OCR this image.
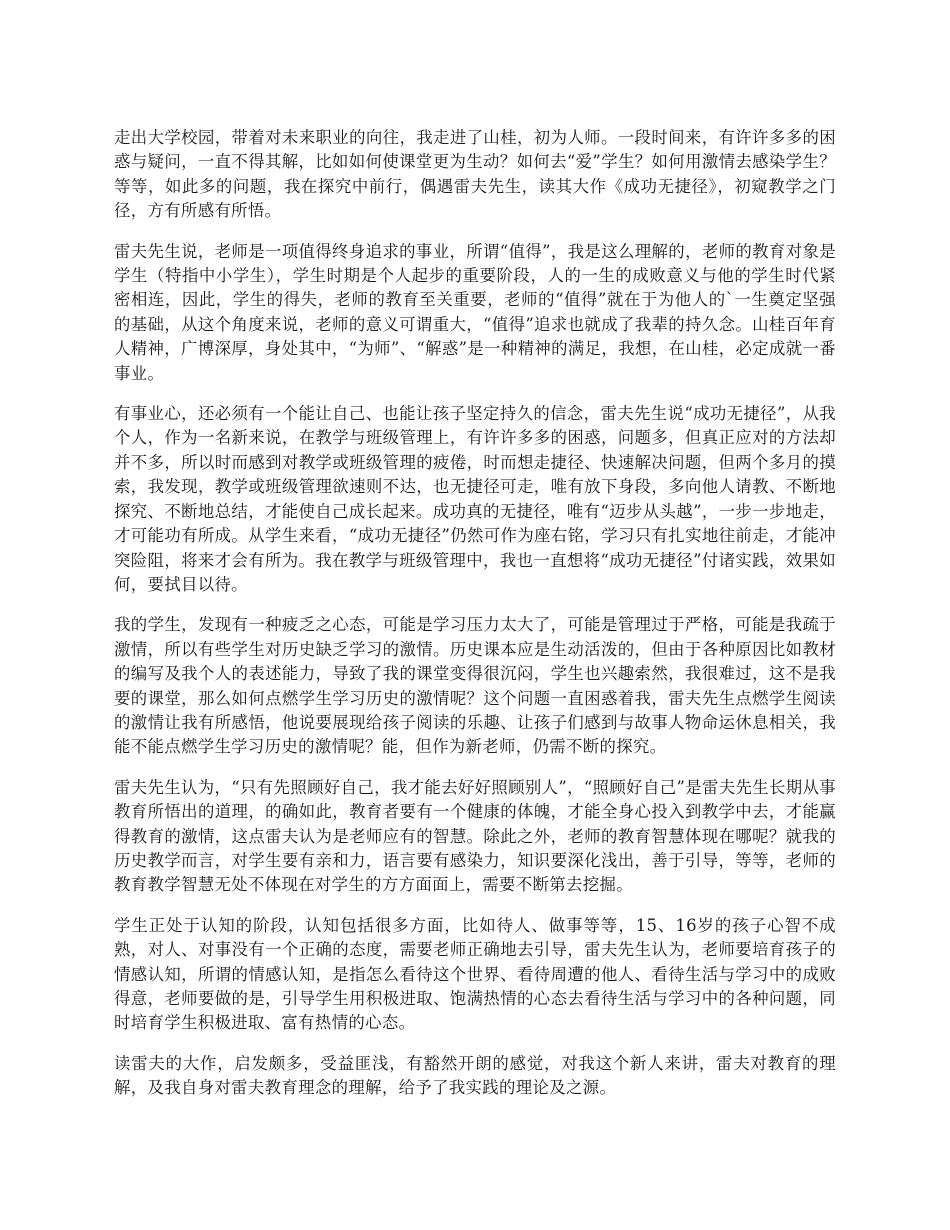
走出大学校园，带着对未来职业的向往，我走进了山桂，初为人师。一段时间来，有许许多多的困惑与疑问，一直不得其解，比如如何使课堂更为生动？如何去“爱”学生？如何用激情去感染学生？等等，如此多的问题，我在探究中前行，偶遇雷夫先生，读其大作《成功无捷径》，初窥教学之门径，方有所感有所悟。

雷夫先生说，老师是一项值得终身追求的事业，所谓“值得”，我是这么理解的，老师的教育对象是学生（特指中小学生），学生时期是个人起步的重要阶段，人的一生的成败意义与他的学生时代紧密相连，因此，学生的得失，老师的教育至关重要，老师的“值得”就在于为他人的`一生奠定坚强的基础，从这个角度来说，老师的意义可谓重大，“值得”追求也就成了我辈的持久念。山桂百年育人精神，广博深厚，身处其中，“为师”、“解惑”是一种精神的满足，我想，在山桂，必定成就一番事业。

有事业心，还必须有一个能让自己、也能让孩子坚定持久的信念，雷夫先生说“成功无捷径”，从我个人，作为一名新来说，在教学与班级管理上，有许许多多的困惑，问题多，但真正应对的方法却并不多，所以时而感到对教学或班级管理的疲倦，时而想走捷径、快速解决问题，但两个多月的摸索，我发现，教学或班级管理欲速则不达，也无捷径可走，唯有放下身段，多向他人请教、不断地探究、不断地总结，才能使自己成长起来。成功真的无捷径，唯有“迈步从头越”，一步一步地走，才可能功有所成。从学生来看，“成功无捷径”仍然可作为座右铭，学习只有扎实地往前走，才能冲突险阻，将来才会有所为。我在教学与班级管理中，我也一直想将“成功无捷径”付诸实践，效果如何，要拭目以待。

我的学生，发现有一种疲乏之心态，可能是学习压力太大了，可能是管理过于严格，可能是我疏于激情，所以有些学生对历史缺乏学习的激情。历史课本应是生动活泼的，但由于各种原因比如教材的编写及我个人的表述能力，导致了我的课堂变得很沉闷，学生也兴趣索然，我很难过，这不是我要的课堂，那么如何点燃学生学习历史的激情呢？这个问题一直困惑着我，雷夫先生点燃学生阅读的激情让我有所感悟，他说要展现给孩子阅读的乐趣、让孩子们感到与故事人物命运休息相关，我能不能点燃学生学习历史的激情呢？能，但作为新老师，仍需不断的探究。

雷夫先生认为，“只有先照顾好自己，我才能去好好照顾别人”，“照顾好自己”是雷夫先生长期从事教育所悟出的道理，的确如此，教育者要有一个健康的体魄，才能全身心投入到教学中去，才能赢得教育的激情，这点雷夫认为是老师应有的智慧。除此之外，老师的教育智慧体现在哪呢？就我的历史教学而言，对学生要有亲和力，语言要有感染力，知识要深化浅出，善于引导，等等，老师的教育教学智慧无处不体现在对学生的方方面面上，需要不断第去挖掘。

学生正处于认知的阶段，认知包括很多方面，比如待人、做事等等，15、16岁的孩子心智不成熟，对人、对事没有一个正确的态度，需要老师正确地去引导，雷夫先生认为，老师要培育孩子的情感认知，所谓的情感认知，是指怎么看待这个世界、看待周遭的他人、看待生活与学习中的成败得意，老师要做的是，引导学生用积极进取、饱满热情的心态去看待生活与学习中的各种问题，同时培育学生积极进取、富有热情的心态。

读雷夫的大作，启发颇多，受益匪浅，有豁然开朗的感觉，对我这个新人来讲，雷夫对教育的理解，及我自身对雷夫教育理念的理解，给予了我实践的理论及之源。
